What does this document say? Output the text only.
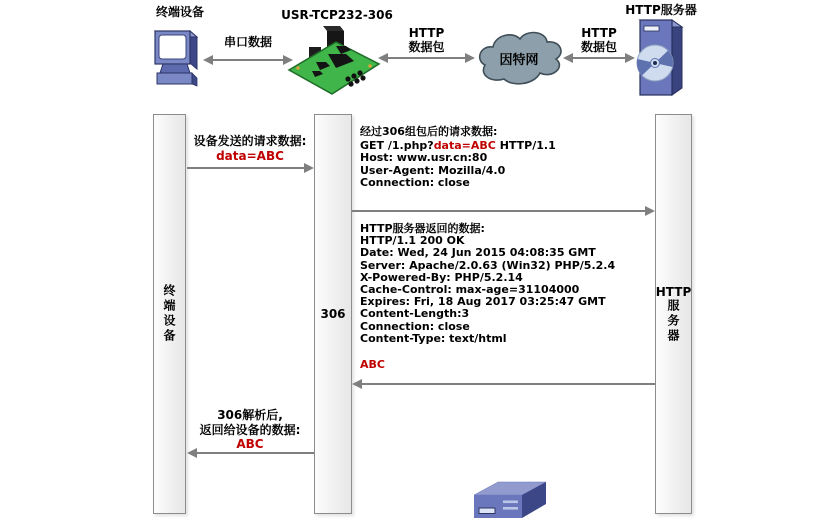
终端设备
串口数据
USR-TCP232-306
HTTP
数据包
因特网
HTTP
数据包
HTTP服务器
终端设备	306
HTTP
服务器
设备发送的请求数据:
data=ABC
经过306组包后的请求数据:
GET /1.php?data=ABC HTTP/1.1
Host: www.usr.cn:80
User-Agent: Mozilla/4.0
Connection: close
HTTP服务器返回的数据:
HTTP/1.1 200 OK
Date: Wed, 24 Jun 2015 04:08:35 GMT
Server: Apache/2.0.63 (Win32) PHP/5.2.4
X-Powered-By: PHP/5.2.14
Cache-Control: max-age=31104000
Expires: Fri, 18 Aug 2017 03:25:47 GMT
Content-Length:3
Connection: close
Content-Type: text/html
ABC
306解析后,
返回给设备的数据:
ABC
